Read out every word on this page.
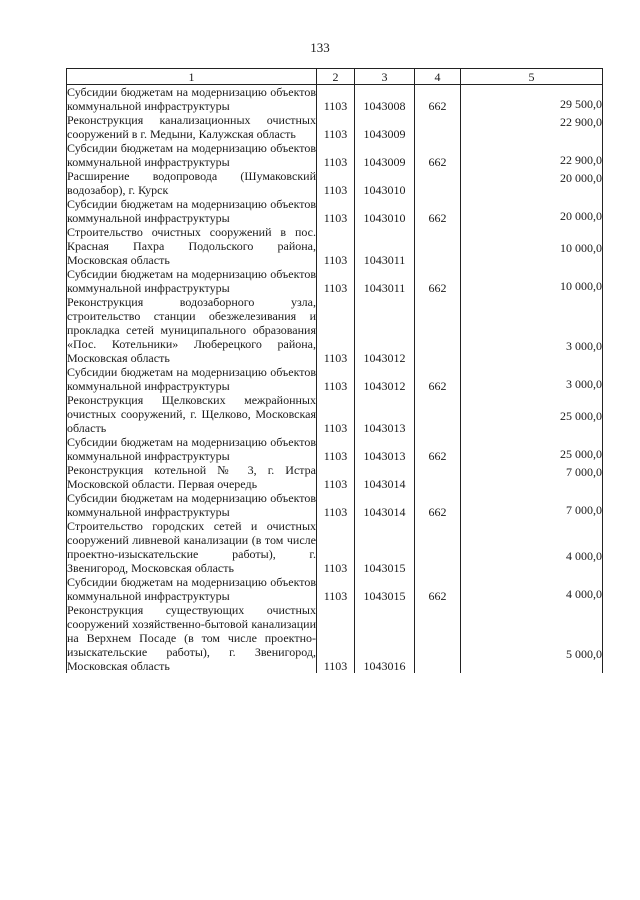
133
1	2	3	4	5
Субсидии бюджетам на модернизацию объектов коммунальной инфраструктуры	1103	1043008	662	29 500,0
Реконструкция канализационных очистных сооружений в г. Медыни, Калужская область	1103	1043009		22 900,0
Субсидии бюджетам на модернизацию объектов коммунальной инфраструктуры	1103	1043009	662	22 900,0
Расширение водопровода (Шумаковский водозабор), г. Курск	1103	1043010		20 000,0
Субсидии бюджетам на модернизацию объектов коммунальной инфраструктуры	1103	1043010	662	20 000,0
Строительство очистных сооружений в пос. Красная Пахра Подольского района, Московская область	1103	1043011		10 000,0
Субсидии бюджетам на модернизацию объектов коммунальной инфраструктуры	1103	1043011	662	10 000,0
Реконструкция водозаборного узла, строительство станции обезжелезивания и прокладка сетей муниципального образования «Пос. Котельники» Люберецкого района, Московская область	1103	1043012		3 000,0
Субсидии бюджетам на модернизацию объектов коммунальной инфраструктуры	1103	1043012	662	3 000,0
Реконструкция Щелковских межрайонных очистных сооружений, г. Щелково, Московская область	1103	1043013		25 000,0
Субсидии бюджетам на модернизацию объектов коммунальной инфраструктуры	1103	1043013	662	25 000,0
Реконструкция котельной № 3, г. Истра Московской области. Первая очередь	1103	1043014		7 000,0
Субсидии бюджетам на модернизацию объектов коммунальной инфраструктуры	1103	1043014	662	7 000,0
Строительство городских сетей и очистных сооружений ливневой канализации (в том числе проектно-изыскательские работы), г. Звенигород, Московская область	1103	1043015		4 000,0
Субсидии бюджетам на модернизацию объектов коммунальной инфраструктуры	1103	1043015	662	4 000,0
Реконструкция существующих очистных сооружений хозяйственно-бытовой канализации на Верхнем Посаде (в том числе проектно-изыскательские работы), г. Звенигород, Московская область	1103	1043016		5 000,0
